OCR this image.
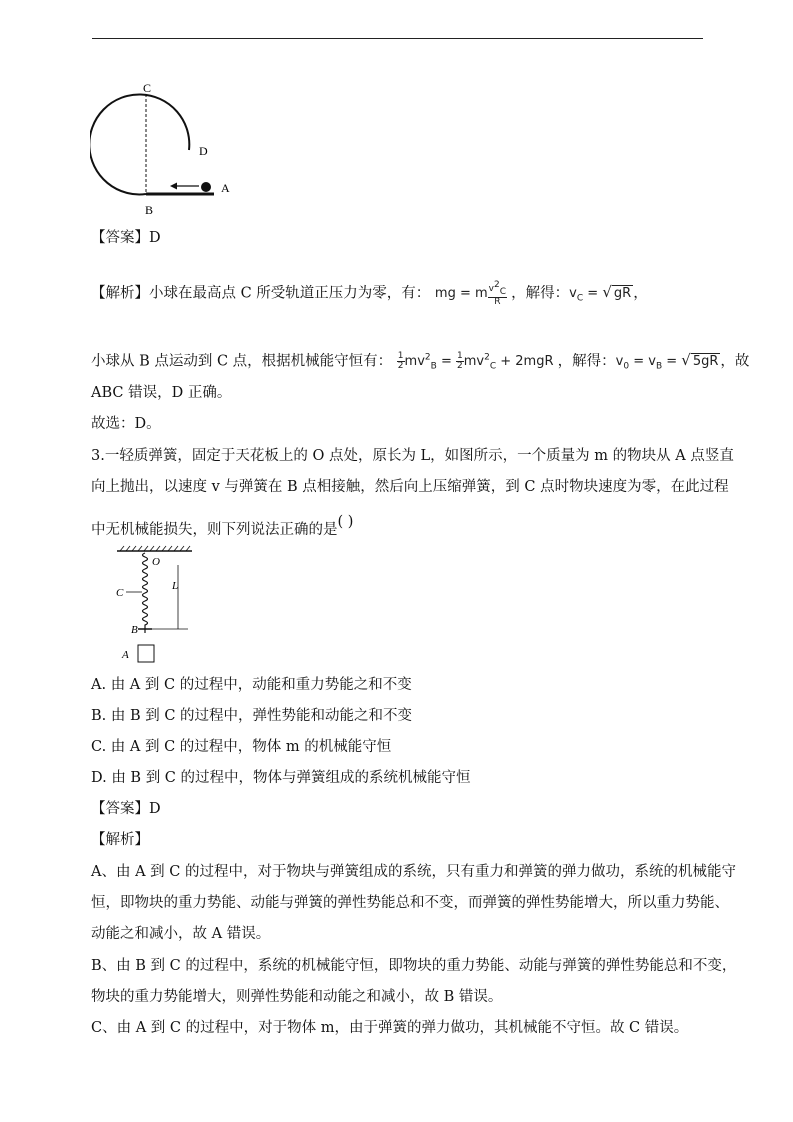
C
B
D
A
【答案】D
【解析】小球在最高点 C 所受轨道正压力为零，有： mg = m $\frac{v^2_C}{R}$ ，解得：$v_C$ = √ gR ，
小球从 B 点运动到 C 点，根据机械能守恒有： $\frac{1}{2} mv^2_B = \frac{1}{2} mv^2_C + 2mgR$ ，解得：$v_0 = v_B$ = √ 5gR ，故
ABC 错误，D 正确。
故选：D。
3.一轻质弹簧，固定于天花板上的 O 点处，原长为 L，如图所示，一个质量为 m 的物块从 A 点竖直
向上抛出，以速度 v 与弹簧在 B 点相接触，然后向上压缩弹簧，到 C 点时物块速度为零，在此过程
中无机械能损失，则下列说法正确的是( )
O
C
L
B
A
A. 由 A 到 C 的过程中，动能和重力势能之和不变
B. 由 B 到 C 的过程中，弹性势能和动能之和不变
C. 由 A 到 C 的过程中，物体 m 的机械能守恒
D. 由 B 到 C 的过程中，物体与弹簧组成的系统机械能守恒
【答案】D
【解析】
A、由 A 到 C 的过程中，对于物块与弹簧组成的系统，只有重力和弹簧的弹力做功，系统的机械能守
恒，即物块的重力势能、动能与弹簧的弹性势能总和不变，而弹簧的弹性势能增大，所以重力势能、
动能之和减小，故 A 错误。
B、由 B 到 C 的过程中，系统的机械能守恒，即物块的重力势能、动能与弹簧的弹性势能总和不变，
物块的重力势能增大，则弹性势能和动能之和减小，故 B 错误。
C、由 A 到 C 的过程中，对于物体 m，由于弹簧的弹力做功，其机械能不守恒。故 C 错误。
